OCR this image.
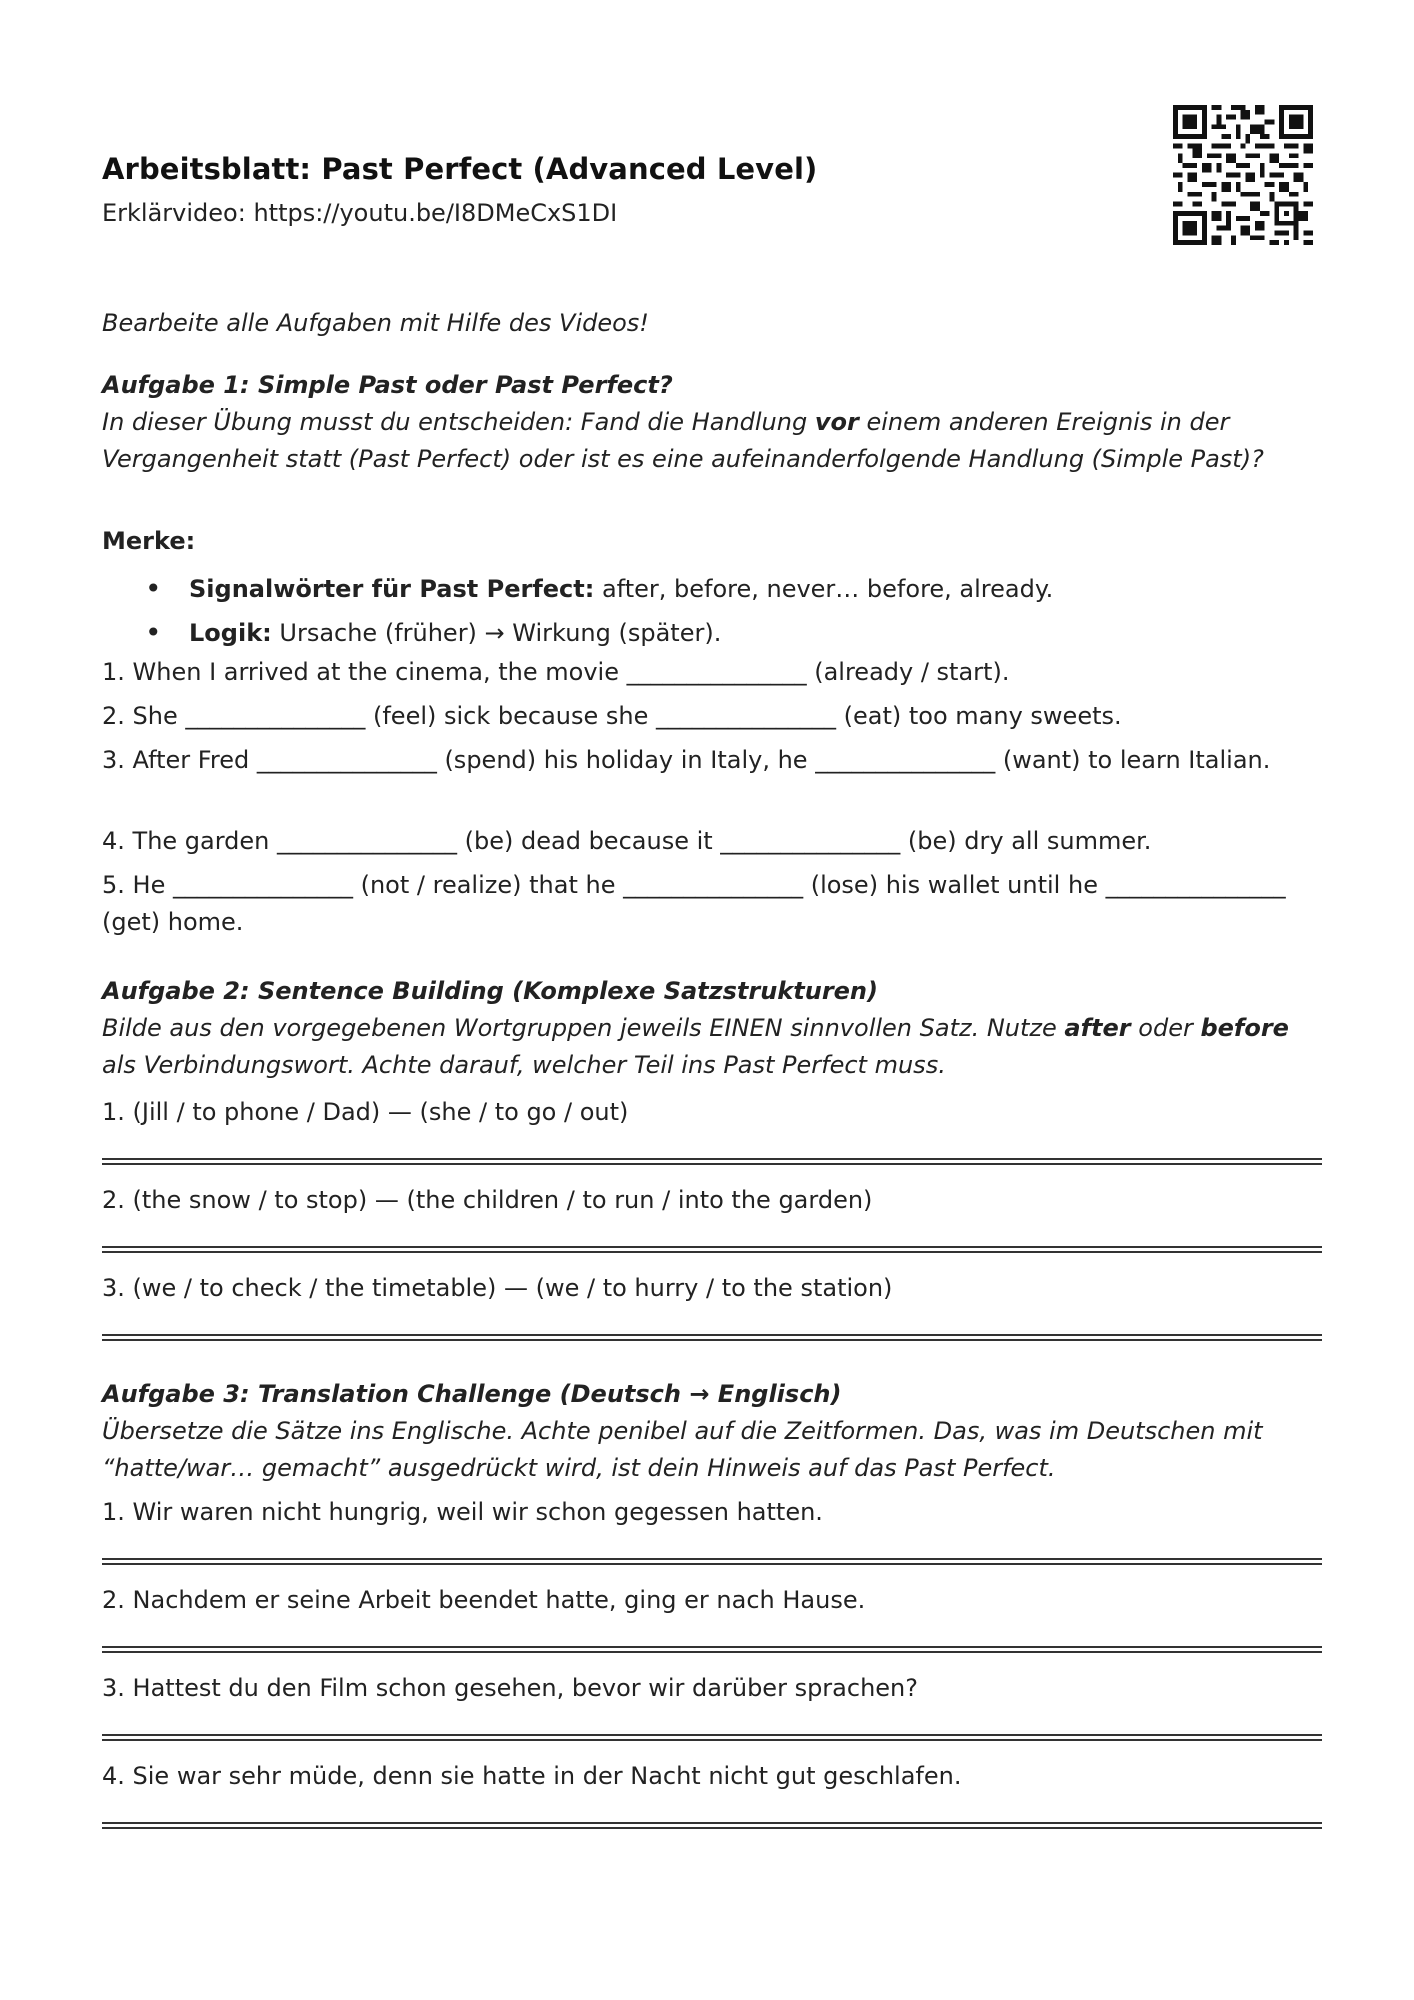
Arbeitsblatt: Past Perfect (Advanced Level)
Erklärvideo: https://youtu.be/I8DMeCxS1DI
Bearbeite alle Aufgaben mit Hilfe des Videos!
Aufgabe 1: Simple Past oder Past Perfect?
In dieser Übung musst du entscheiden: Fand die Handlung vor einem anderen Ereignis in der Vergangenheit statt (Past Perfect) oder ist es eine aufeinanderfolgende Handlung (Simple Past)?
Merke:
• Signalwörter für Past Perfect: after, before, never… before, already.
• Logik: Ursache (früher) → Wirkung (später).
1. When I arrived at the cinema, the movie _______________ (already / start).
2. She _______________ (feel) sick because she _______________ (eat) too many sweets.
3. After Fred _______________ (spend) his holiday in Italy, he _______________ (want) to learn Italian.
4. The garden _______________ (be) dead because it _______________ (be) dry all summer.
5. He _______________ (not / realize) that he _______________ (lose) his wallet until he _______________ (get) home.
Aufgabe 2: Sentence Building (Komplexe Satzstrukturen)
Bilde aus den vorgegebenen Wortgruppen jeweils EINEN sinnvollen Satz. Nutze after oder before als Verbindungswort. Achte darauf, welcher Teil ins Past Perfect muss.
1. (Jill / to phone / Dad) — (she / to go / out)
2. (the snow / to stop) — (the children / to run / into the garden)
3. (we / to check / the timetable) — (we / to hurry / to the station)
Aufgabe 3: Translation Challenge (Deutsch → Englisch)
Übersetze die Sätze ins Englische. Achte penibel auf die Zeitformen. Das, was im Deutschen mit “hatte/war… gemacht” ausgedrückt wird, ist dein Hinweis auf das Past Perfect.
1. Wir waren nicht hungrig, weil wir schon gegessen hatten.
2. Nachdem er seine Arbeit beendet hatte, ging er nach Hause.
3. Hattest du den Film schon gesehen, bevor wir darüber sprachen?
4. Sie war sehr müde, denn sie hatte in der Nacht nicht gut geschlafen.
